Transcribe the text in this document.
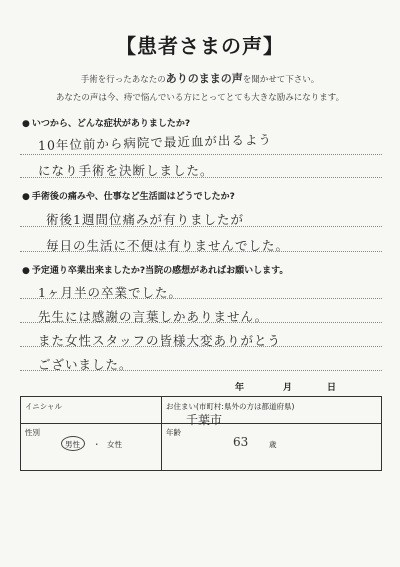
【患者さまの声】
手術を行ったあなたのありのままの声を聞かせて下さい。
あなたの声は今、痔で悩んでいる方にとってとても大きな励みになります。
● いつから、どんな症状がありましたか?
10年位前から病院で最近血が出るよう
になり手術を決断しました。
● 手術後の痛みや、仕事など生活面はどうでしたか?
術後1週間位痛みが有りましたが
毎日の生活に不便は有りませんでした。
● 予定通り卒業出来ましたか?当院の感想があればお願いします。
1ヶ月半の卒業でした。
先生には感謝の言葉しかありません。
また女性スタッフの皆様大変ありがとう
ございました。
年	月	日
イニシャル	お住まい(市町村:県外の方は都道府県)
千葉市
性別
男性 ・ 女性
年齢
63	歳
